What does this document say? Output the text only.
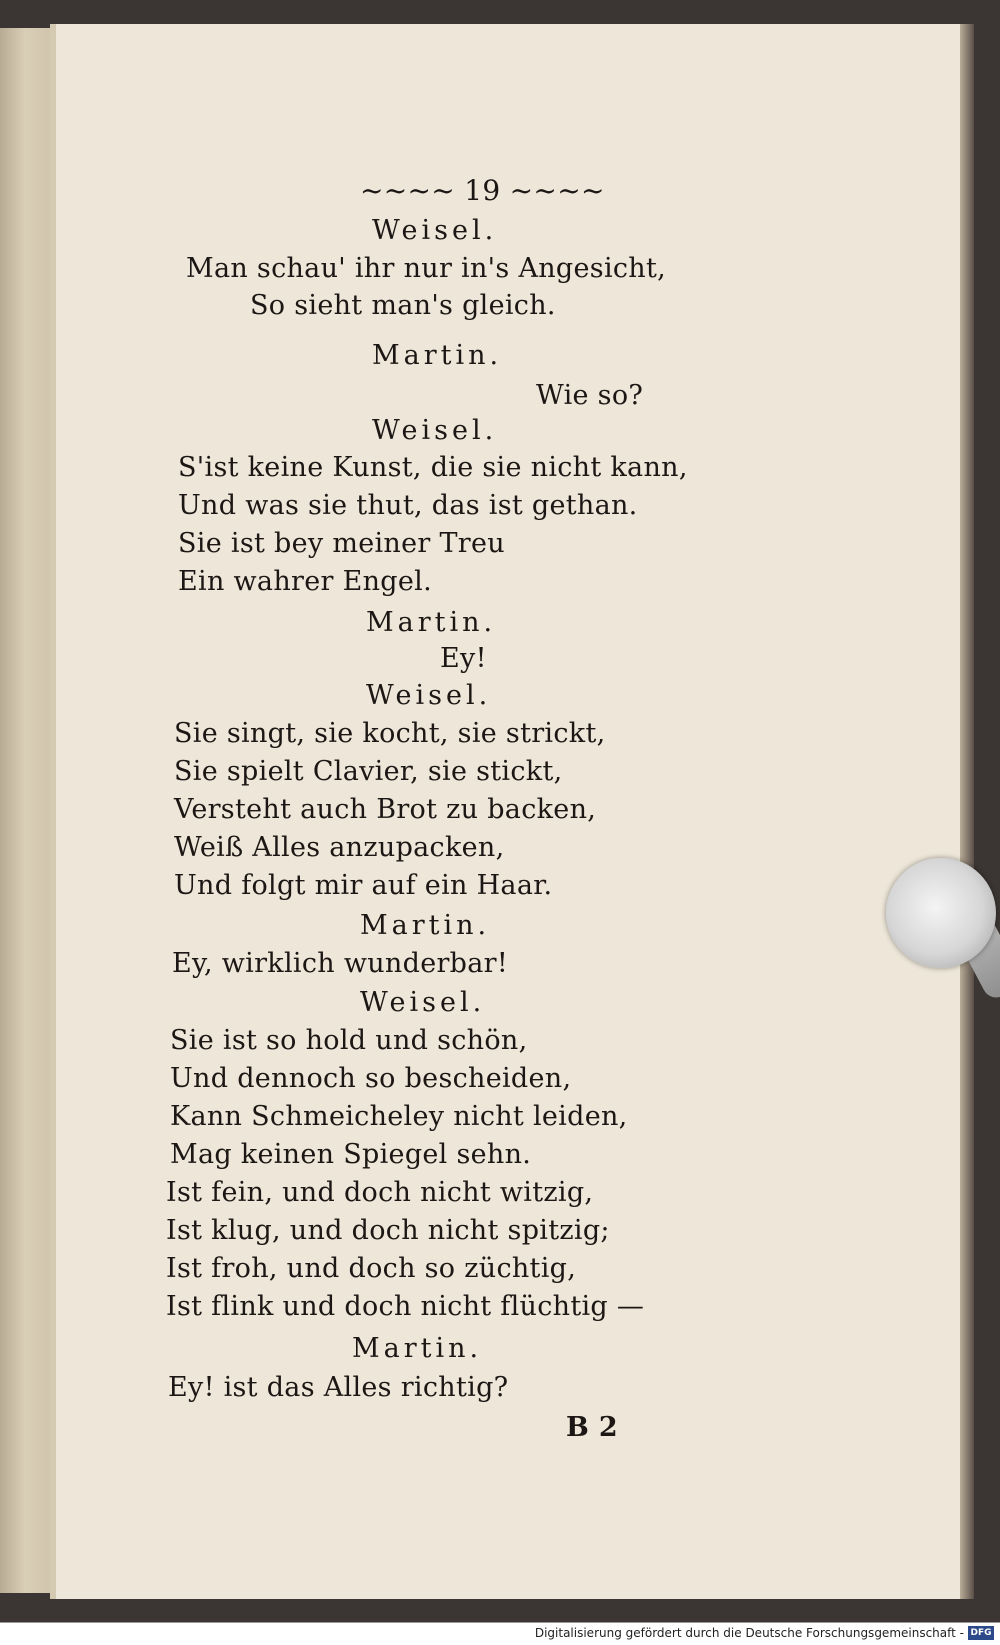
~~~~ 19 ~~~~
Weisel.
Man schau' ihr nur in's Angesicht,
So sieht man's gleich.
Martin.
Wie so?
Weisel.
S'ist keine Kunst, die sie nicht kann,
Und was sie thut, das ist gethan.
Sie ist bey meiner Treu
Ein wahrer Engel.
Martin.
Ey!
Weisel.
Sie singt, sie kocht, sie strickt,
Sie spielt Clavier, sie stickt,
Versteht auch Brot zu backen,
Weiß Alles anzupacken,
Und folgt mir auf ein Haar.
Martin.
Ey, wirklich wunderbar!
Weisel.
Sie ist so hold und schön,
Und dennoch so bescheiden,
Kann Schmeicheley nicht leiden,
Mag keinen Spiegel sehn.
Ist fein, und doch nicht witzig,
Ist klug, und doch nicht spitzig;
Ist froh, und doch so züchtig,
Ist flink und doch nicht flüchtig —
Martin.
Ey! ist das Alles richtig?
B 2
Digitalisierung gefördert durch die Deutsche Forschungsgemeinschaft - DFG
